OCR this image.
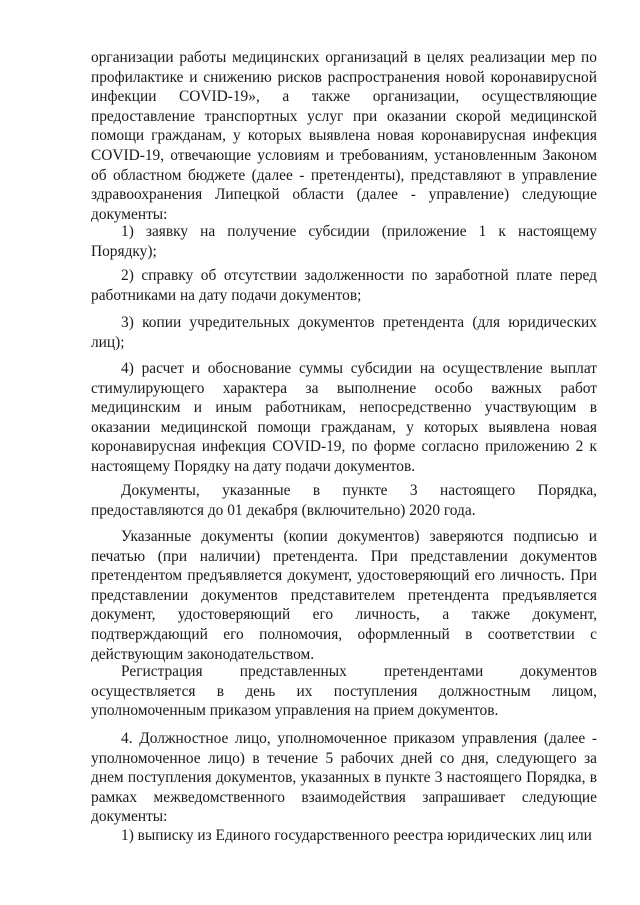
организации работы медицинских организаций в целях реализации мер по профилактике и снижению рисков распространения новой коронавирусной инфекции COVID-19», а также организации, осуществляющие предоставление транспортных услуг при оказании скорой медицинской помощи гражданам, у которых выявлена новая коронавирусная инфекция COVID-19, отвечающие условиям и требованиям, установленным Законом об областном бюджете (далее - претенденты), представляют в управление здравоохранения Липецкой области (далее - управление) следующие документы:

1) заявку на получение субсидии (приложение 1 к настоящему Порядку);

2) справку об отсутствии задолженности по заработной плате перед работниками на дату подачи документов;

3) копии учредительных документов претендента (для юридических лиц);

4) расчет и обоснование суммы субсидии на осуществление выплат стимулирующего характера за выполнение особо важных работ медицинским и иным работникам, непосредственно участвующим в оказании медицинской помощи гражданам, у которых выявлена новая коронавирусная инфекция COVID-19, по форме согласно приложению 2 к настоящему Порядку на дату подачи документов.

Документы, указанные в пункте 3 настоящего Порядка, предоставляются до 01 декабря (включительно) 2020 года.

Указанные документы (копии документов) заверяются подписью и печатью (при наличии) претендента. При представлении документов претендентом предъявляется документ, удостоверяющий его личность. При представлении документов представителем претендента предъявляется документ, удостоверяющий его личность, а также документ, подтверждающий его полномочия, оформленный в соответствии с действующим законодательством.

Регистрация представленных претендентами документов осуществляется в день их поступления должностным лицом, уполномоченным приказом управления на прием документов.

4. Должностное лицо, уполномоченное приказом управления (далее - уполномоченное лицо) в течение 5 рабочих дней со дня, следующего за днем поступления документов, указанных в пункте 3 настоящего Порядка, в рамках межведомственного взаимодействия запрашивает следующие документы:

1) выписку из Единого государственного реестра юридических лиц или
